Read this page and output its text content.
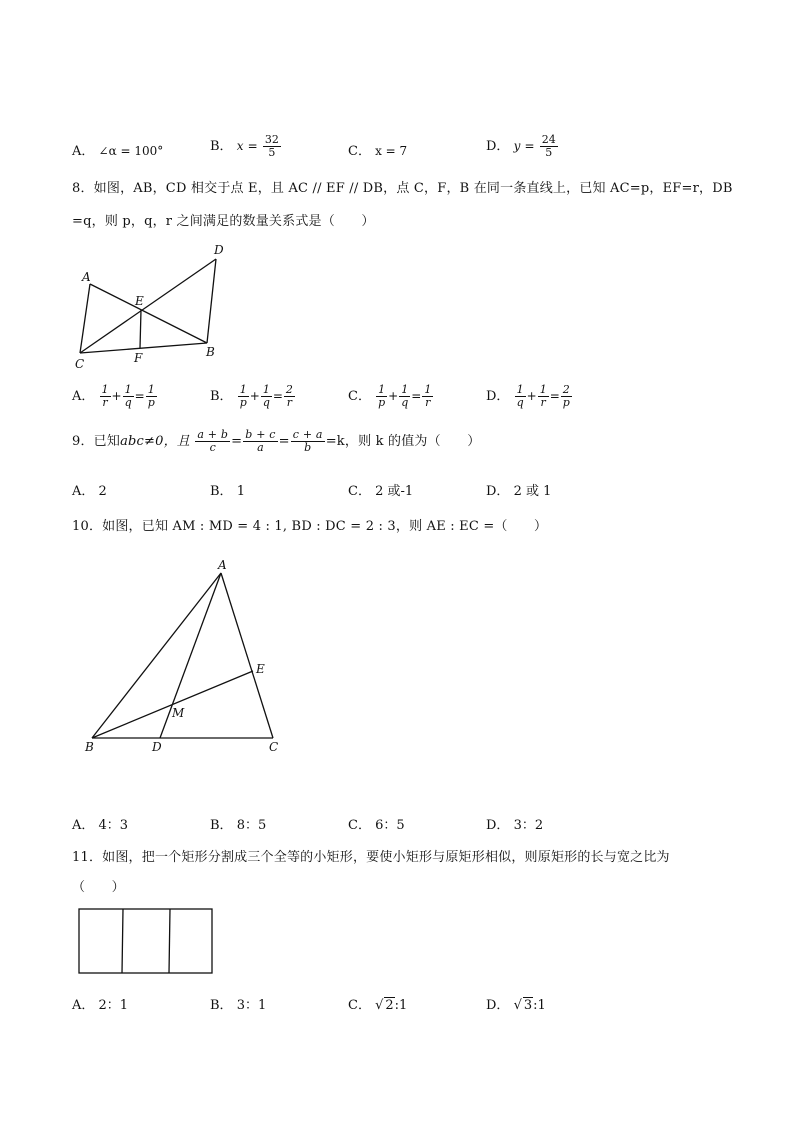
A． ∠α = 100°	B． $x = \frac{32}{5}$	C． x = 7	D． $y = \frac{24}{5}$
8．如图，AB，CD 相交于点 E，且 AC // EF // DB，点 C，F，B 在同一条直线上，已知 AC=p，EF=r，DB
=q，则 p，q，r 之间满足的数量关系式是（　　）
A
D
E
C	F	B
A． $\frac{1}{r} + \frac{1}{q} = \frac{1}{p}$	B． $\frac{1}{p} + \frac{1}{q} = \frac{2}{r}$	C． $\frac{1}{p} + \frac{1}{q} = \frac{1}{r}$	D． $\frac{1}{q} + \frac{1}{r} = \frac{2}{p}$
9．已知abc≠0，且 $\frac{a + b}{c} = \frac{b + c}{a} = \frac{c + a}{b} =k$，则 k 的值为（　　）
A． 2	B． 1	C． 2 或-1	D． 2 或 1
10．如图，已知 AM : MD = 4 : 1, BD : DC = 2 : 3，则 AE : EC =（　　）
A
E
M
B	D	C
A． 4：3	B． 8：5	C． 6：5	D． 3：2
11．如图，把一个矩形分割成三个全等的小矩形，要使小矩形与原矩形相似，则原矩形的长与宽之比为
（　　）
A． 2：1	B． 3：1	C． √ 2:1	D． √ 3:1
